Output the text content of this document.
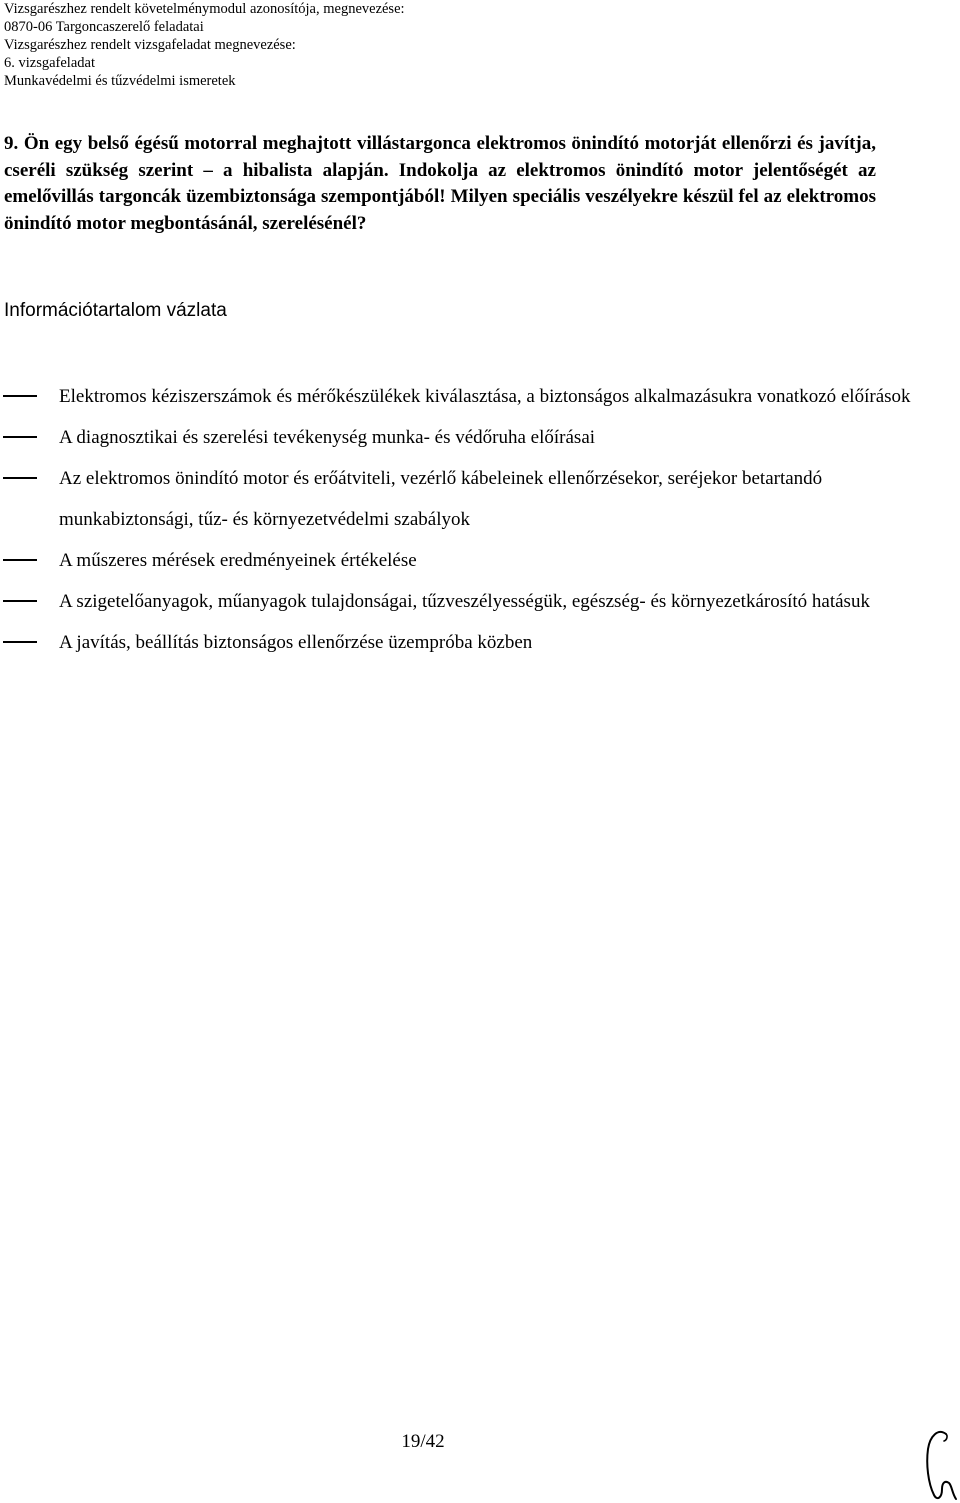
Vizsgarészhez rendelt követelménymodul azonosítója, megnevezése:
0870-06 Targoncaszerelő feladatai
Vizsgarészhez rendelt vizsgafeladat megnevezése:
6. vizsgafeladat
Munkavédelmi és tűzvédelmi ismeretek
9. Ön egy belső égésű motorral meghajtott villástargonca elektromos önindító motorját ellenőrzi és javítja, cseréli szükség szerint – a hibalista alapján. Indokolja az elektromos önindító motor jelentőségét az emelővillás targoncák üzembiztonsága szempontjából! Milyen speciális veszélyekre készül fel az elektromos önindító motor megbontásánál, szerelésénél?
Információtartalom vázlata
Elektromos kéziszerszámok és mérőkészülékek kiválasztása, a biztonságos alkalmazásukra vonatkozó előírások
A diagnosztikai és szerelési tevékenység munka- és védőruha előírásai
Az elektromos önindító motor és erőátviteli, vezérlő kábeleinek ellenőrzésekor, seréjekor betartandó munkabiztonsági, tűz- és környezetvédelmi szabályok
A műszeres mérések eredményeinek értékelése
A szigetelőanyagok, műanyagok tulajdonságai, tűzveszélyességük, egészség- és környezetkárosító hatásuk
A javítás, beállítás biztonságos ellenőrzése üzempróba közben
19/42
